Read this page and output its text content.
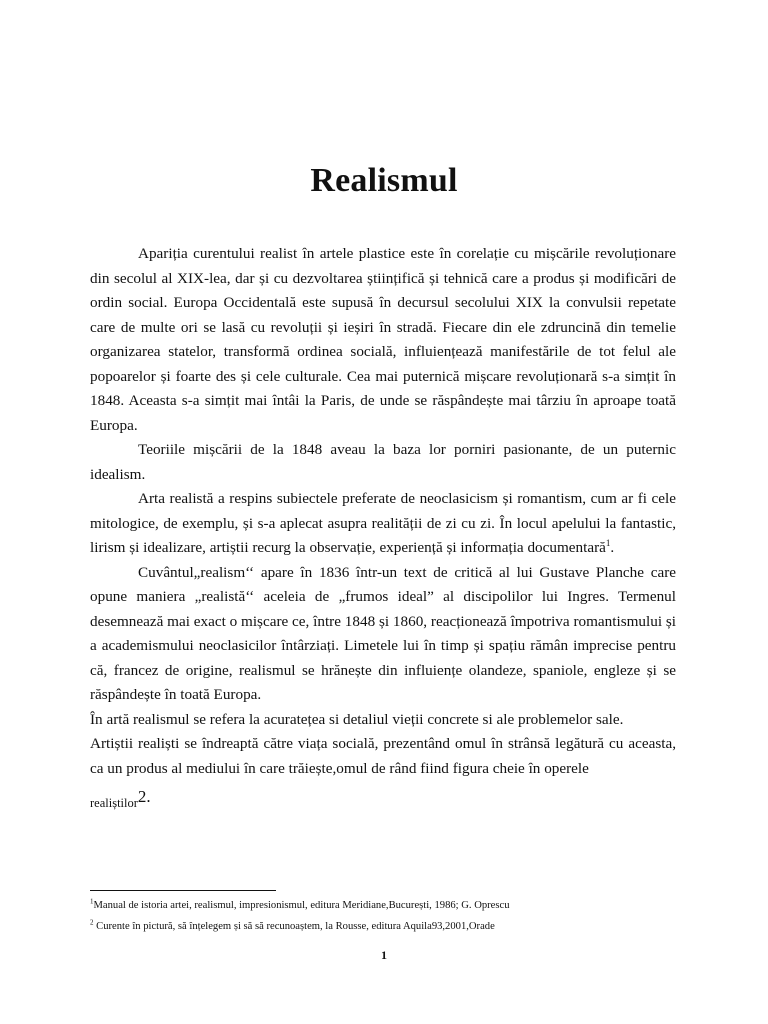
Realismul

Apariția curentului realist în artele plastice este în corelație cu mișcările revoluționare din secolul al XIX-lea, dar și cu dezvoltarea științifică și tehnică care a produs și modificări de ordin social. Europa Occidentală este supusă în decursul secolului XIX la convulsii repetate care de multe ori se lasă cu revoluții și ieșiri în stradă. Fiecare din ele zdruncină din temelie organizarea statelor, transformă ordinea socială, influiențează manifestările de tot felul ale popoarelor și foarte des și cele culturale. Cea mai puternică mișcare revoluționară s-a simțit în 1848. Aceasta s-a simțit mai întâi la Paris, de unde se răspândește mai târziu în aproape toată Europa.

Teoriile mișcării de la 1848 aveau la baza lor porniri pasionante, de un puternic idealism.

Arta realistă a respins subiectele preferate de neoclasicism și romantism, cum ar fi cele mitologice, de exemplu, și s-a aplecat asupra realității de zi cu zi. În locul apelului la fantastic, lirism și idealizare, artiștii recurg la observație, experiență și informația documentară$^1$.

Cuvântul„realism‘‘ apare în 1836 într-un text de critică al lui Gustave Planche care opune maniera „realistă‘‘ aceleia de „frumos ideal” al discipolilor lui Ingres. Termenul desemnează mai exact o mișcare ce, între 1848 și 1860, reacționează împotriva romantismului și a academismului neoclasicilor întârziați. Limetele lui în timp și spațiu rămân imprecise pentru că, francez de origine, realismul se hrănește din influiențe olandeze, spaniole, engleze și se răspândește în toată Europa.

În artă realismul se refera la acuratețea si detaliul vieții concrete si ale problemelor sale.

Artiștii realiști se îndreaptă către viața socială, prezentând omul în strânsă legătură cu aceasta, ca un produs al mediului în care trăiește,omul de rând fiind figura cheie în operele

realiștilor2.

$^1$Manual de istoria artei, realismul, impresionismul, editura Meridiane,București, 1986; G. Oprescu
$^2$ Curente în pictură, să înțelegem și să să recunoaștem, la Rousse, editura Aquila93,2001,Orade
1
